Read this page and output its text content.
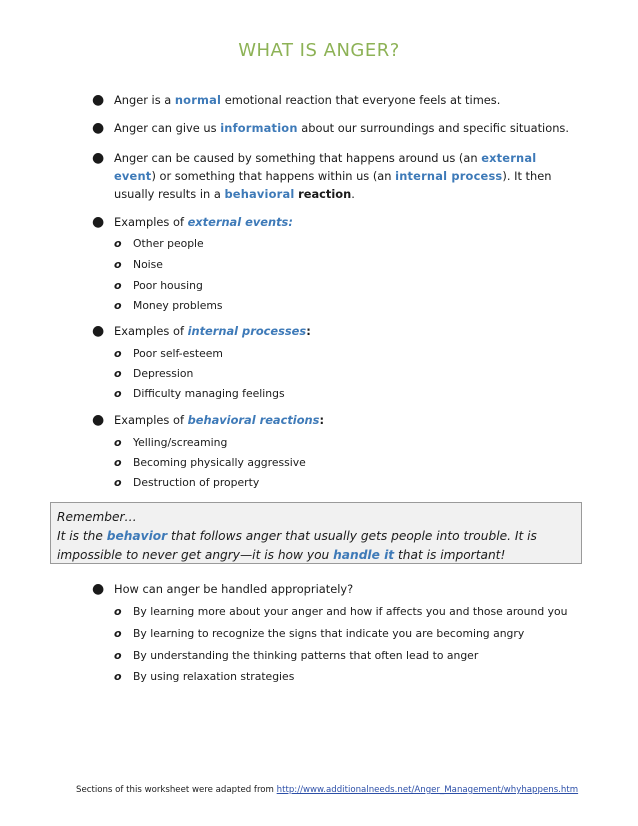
WHAT IS ANGER?
● Anger is a normal emotional reaction that everyone feels at times.
● Anger can give us information about our surroundings and specific situations.
● Anger can be caused by something that happens around us (an external event) or something that happens within us (an internal process). It then usually results in a behavioral reaction.
● Examples of external events:
o Other people
o Noise
o Poor housing
o Money problems
● Examples of internal processes:
o Poor self-esteem
o Depression
o Difficulty managing feelings
● Examples of behavioral reactions:
o Yelling/screaming
o Becoming physically aggressive
o Destruction of property
Remember…
It is the behavior that follows anger that usually gets people into trouble. It is impossible to never get angry—it is how you handle it that is important!
● How can anger be handled appropriately?
o By learning more about your anger and how if affects you and those around you
o By learning to recognize the signs that indicate you are becoming angry
o By understanding the thinking patterns that often lead to anger
o By using relaxation strategies
Sections of this worksheet were adapted from http://www.additionalneeds.net/Anger_Management/whyhappens.htm
